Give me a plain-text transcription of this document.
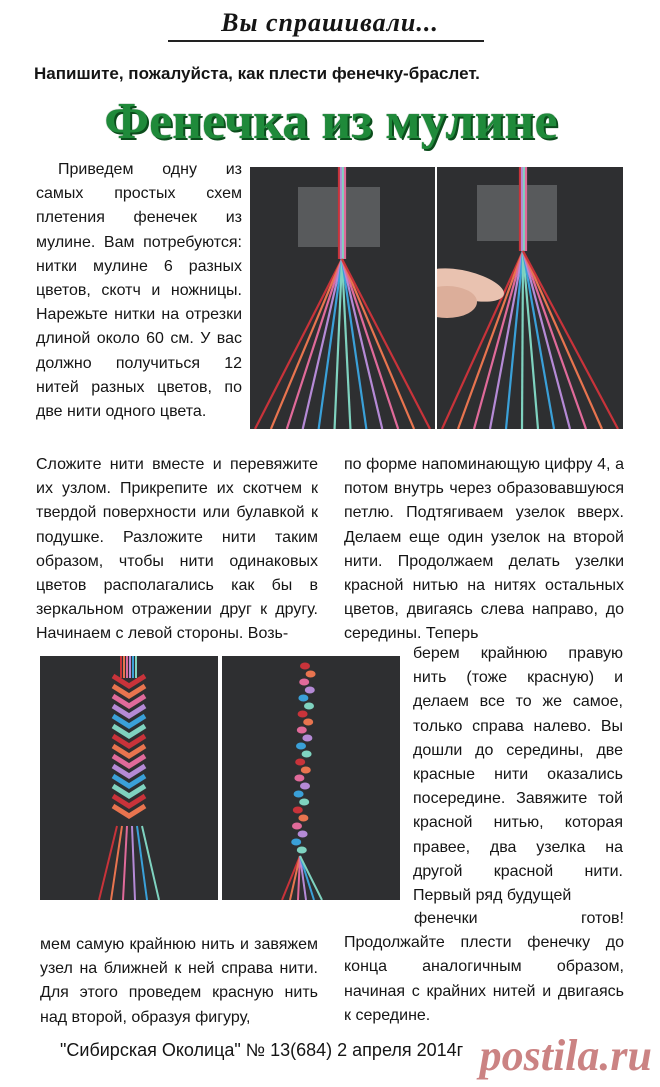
Вы спрашивали...
Напишите, пожалуйста, как плести фенечку-браслет.
Фенечка из мулине

Приведем одну из самых простых схем плетения фенечек из мулине. Вам потребуются: нитки мулине 6 разных цветов, скотч и ножницы. Нарежьте нитки на отрезки длиной около 60 см. У вас должно получиться 12 нитей разных цветов, по две нити одного цвета.

Сложите нити вместе и перевяжите их узлом. Прикрепите их скотчем к твердой поверхности или булавкой к подушке. Разложите нити таким образом, чтобы нити одинаковых цветов располагались как бы в зеркальном отражении друг к другу. Начинаем с левой стороны. Возь-

по форме напоминающую цифру 4, а потом внутрь через образовавшуюся петлю. Подтягиваем узелок вверх. Делаем еще один узелок на второй нити. Продолжаем делать узелки красной нитью на нитях остальных цветов, двигаясь слева направо, до середины. Теперь

берем крайнюю правую нить (тоже красную) и делаем все то же самое, только справа налево. Вы дошли до середины, две красные нити оказались посередине. Завяжите той красной нитью, которая правее, два узелка на другой красной нити. Первый ряд будущей

фенечки готов! Продолжайте плести фенечку до конца аналогичным образом, начиная с крайних нитей и двигаясь к середине.

мем самую крайнюю нить и завяжем узел на ближней к ней справа нити. Для этого проведем красную нить над второй, образуя фигуру,

"Сибирская Околица" № 13(684) 2 апреля 2014г postila.ru
